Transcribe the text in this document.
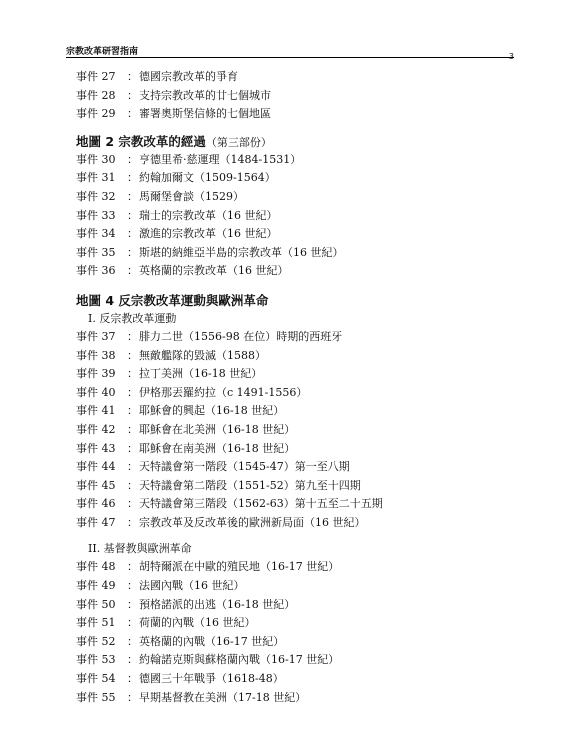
宗教改革研習指南	3
事件 27	： 德國宗教改革的爭育
事件 28	： 支持宗教改革的廿七個城市
事件 29	： 審署奧斯堡信條的七個地區
地圖 2 宗教改革的經過（第三部份）
事件 30	： 亨德里希·慈運理（1484-1531）
事件 31	： 約翰加爾文（1509-1564）
事件 32	： 馬爾堡會談（1529）
事件 33	： 瑞士的宗教改革（16 世紀）
事件 34	： 激進的宗教改革（16 世紀）
事件 35	： 斯堪的納維亞半島的宗教改革（16 世紀）
事件 36	： 英格蘭的宗教改革（16 世紀）
地圖 4 反宗教改革運動與歐洲革命
I. 反宗教改革運動
事件 37	： 腓力二世（1556-98 在位）時期的西班牙
事件 38	： 無敵艦隊的毀滅（1588）
事件 39	： 拉丁美洲（16-18 世紀）
事件 40	： 伊格那丟羅約拉（c 1491-1556）
事件 41	： 耶穌會的興起（16-18 世紀）
事件 42	： 耶穌會在北美洲（16-18 世紀）
事件 43	： 耶穌會在南美洲（16-18 世紀）
事件 44	： 天特議會第一階段（1545-47）第一至八期
事件 45	： 天特議會第二階段（1551-52）第九至十四期
事件 46	： 天特議會第三階段（1562-63）第十五至二十五期
事件 47	： 宗教改革及反改革後的歐洲新局面（16 世紀）
II. 基督教與歐洲革命
事件 48	： 胡特爾派在中歐的殖民地（16-17 世紀）
事件 49	： 法國內戰（16 世紀）
事件 50	： 預格諾派的出逃（16-18 世紀）
事件 51	： 荷蘭的內戰（16 世紀）
事件 52	： 英格蘭的內戰（16-17 世紀）
事件 53	： 約翰諾克斯與蘇格蘭內戰（16-17 世紀）
事件 54	： 德國三十年戰爭（1618-48）
事件 55	： 早期基督教在美洲（17-18 世紀）
